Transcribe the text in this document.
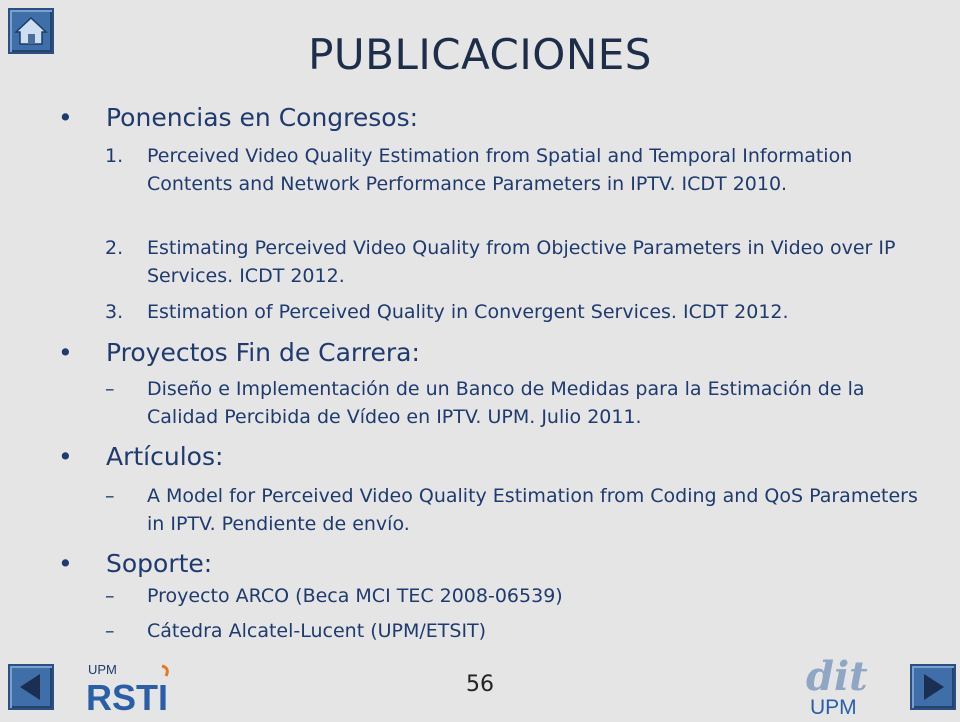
PUBLICACIONES
• Ponencias en Congresos:
1.	Perceived Video Quality Estimation from Spatial and Temporal Information Contents and Network Performance Parameters in IPTV. ICDT 2010.
2.	Estimating Perceived Video Quality from Objective Parameters in Video over IP Services. ICDT 2012.
3.	Estimation of Perceived Quality in Convergent Services. ICDT 2012.
• Proyectos Fin de Carrera:
–	Diseño e Implementación de un Banco de Medidas para la Estimación de la Calidad Percibida de Vídeo en IPTV. UPM. Julio 2011.
• Artículos:
–	A Model for Perceived Video Quality Estimation from Coding and QoS Parameters in IPTV. Pendiente de envío.
• Soporte:
–	Proyecto ARCO (Beca MCI TEC 2008-06539)
–	Cátedra Alcatel-Lucent (UPM/ETSIT)
UPM
RSTI	56	dit
UPM
